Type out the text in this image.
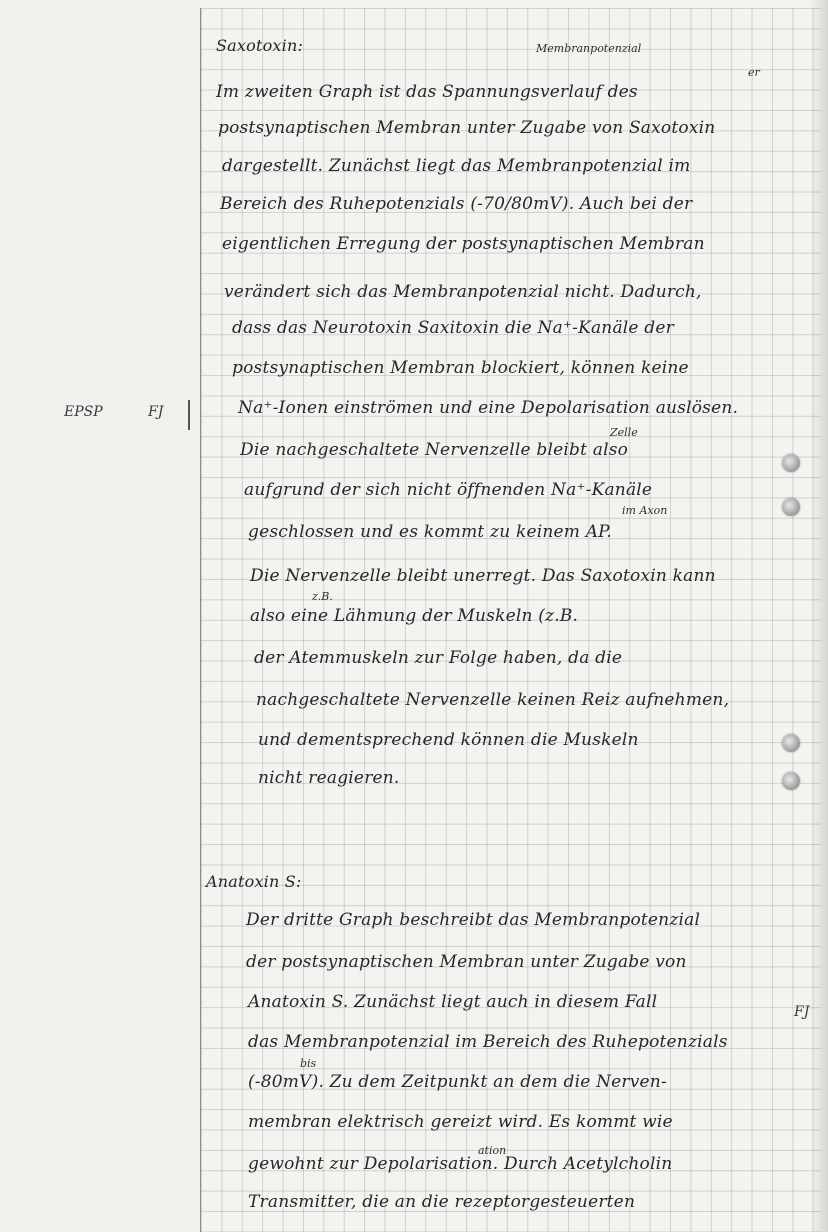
EPSP	FJ
FJ
Membranpotenzial
er
Zelle
im Axon
z.B.
bis
ation
Saxotoxin:
Im zweiten Graph ist das Spannungsverlauf des
postsynaptischen Membran unter Zugabe von Saxotoxin
dargestellt. Zunächst liegt das Membranpotenzial im
Bereich des Ruhepotenzials (-70/80mV). Auch bei der
eigentlichen Erregung der postsynaptischen Membran
verändert sich das Membranpotenzial nicht. Dadurch,
dass das Neurotoxin Saxitoxin die Na⁺-Kanäle der
postsynaptischen Membran blockiert, können keine
Na⁺-Ionen einströmen und eine Depolarisation auslösen.
Die nachgeschaltete Nervenzelle bleibt also
aufgrund der sich nicht öffnenden Na⁺-Kanäle
geschlossen und es kommt zu keinem AP.
Die Nervenzelle bleibt unerregt. Das Saxotoxin kann
also eine Lähmung der Muskeln (z.B.
der Atemmuskeln zur Folge haben, da die
nachgeschaltete Nervenzelle keinen Reiz aufnehmen,
und dementsprechend können die Muskeln
nicht reagieren.
Anatoxin S:
Der dritte Graph beschreibt das Membranpotenzial
der postsynaptischen Membran unter Zugabe von
Anatoxin S. Zunächst liegt auch in diesem Fall
das Membranpotenzial im Bereich des Ruhepotenzials
(-80mV). Zu dem Zeitpunkt an dem die Nerven-
membran elektrisch gereizt wird. Es kommt wie
gewohnt zur Depolarisation. Durch Acetylcholin
Transmitter, die an die rezeptorgesteuerten
